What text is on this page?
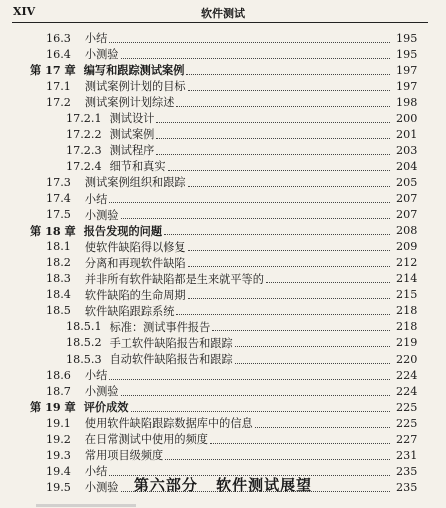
XIV	软件测试
16.3 小结	195
16.4 小测验	195
第 17 章 编写和跟踪测试案例	197
17.1 测试案例计划的目标	197
17.2 测试案例计划综述	198
17.2.1 测试设计	200
17.2.2 测试案例	201
17.2.3 测试程序	203
17.2.4 细节和真实	204
17.3 测试案例组织和跟踪	205
17.4 小结	207
17.5 小测验	207
第 18 章 报告发现的问题	208
18.1 使软件缺陷得以修复	209
18.2 分离和再现软件缺陷	212
18.3 并非所有软件缺陷都是生来就平等的	214
18.4 软件缺陷的生命周期	215
18.5 软件缺陷跟踪系统	218
18.5.1 标准：测试事件报告	218
18.5.2 手工软件缺陷报告和跟踪	219
18.5.3 自动软件缺陷报告和跟踪	220
18.6 小结	224
18.7 小测验	224
第 19 章 评价成效	225
19.1 使用软件缺陷跟踪数据库中的信息	225
19.2 在日常测试中使用的频度	227
19.3 常用项目级频度	231
19.4 小结	235
19.5 小测验	235
第六部分 软件测试展望
